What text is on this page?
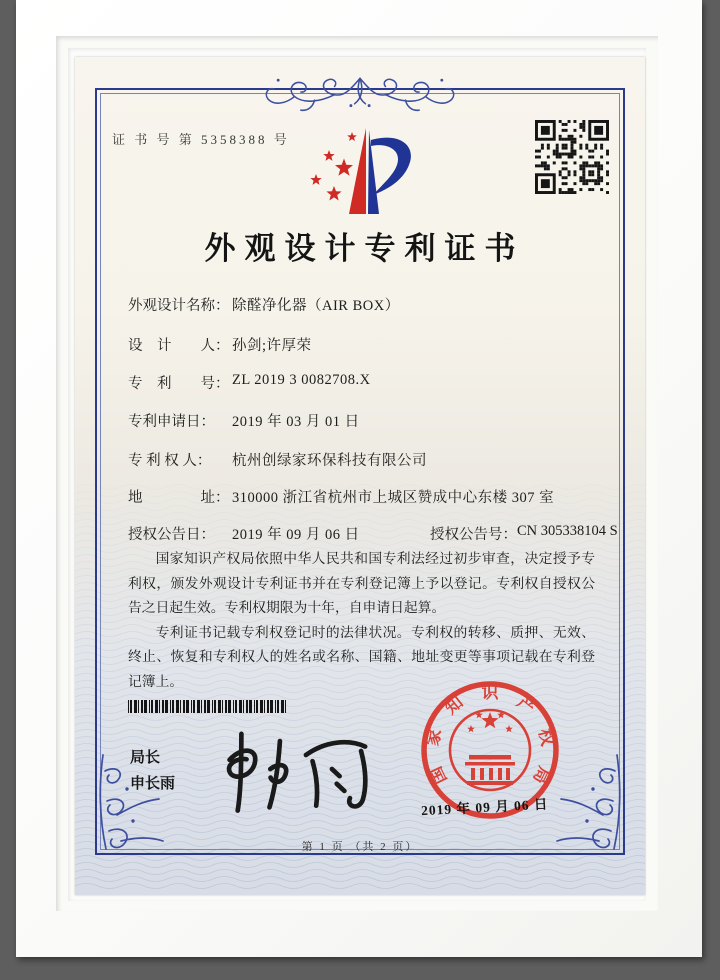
证 书 号 第 5358388 号
外观设计专利证书
外观设计名称： 除醛净化器（AIR BOX）
设　计　　人： 孙剑;许厚荣
专　利　　号： ZL 2019 3 0082708.X
专利申请日：	2019 年 03 月 01 日
专 利 权 人：	杭州创绿家环保科技有限公司
地　　　　址： 310000 浙江省杭州市上城区赞成中心东楼 307 室
授权公告日：	2019 年 09 月 06 日	授权公告号： CN 305338104 S

国家知识产权局依照中华人民共和国专利法经过初步审查，决定授予专利权，颁发外观设计专利证书并在专利登记簿上予以登记。专利权自授权公告之日起生效。专利权期限为十年，自申请日起算。

专利证书记载专利权登记时的法律状况。专利权的转移、质押、无效、终止、恢复和专利权人的姓名或名称、国籍、地址变更等事项记载在专利登记簿上。

局长
申长雨	国
家
知 识 产
权
局
2019 年 09 月 06 日
第 1 页 （共 2 页）
